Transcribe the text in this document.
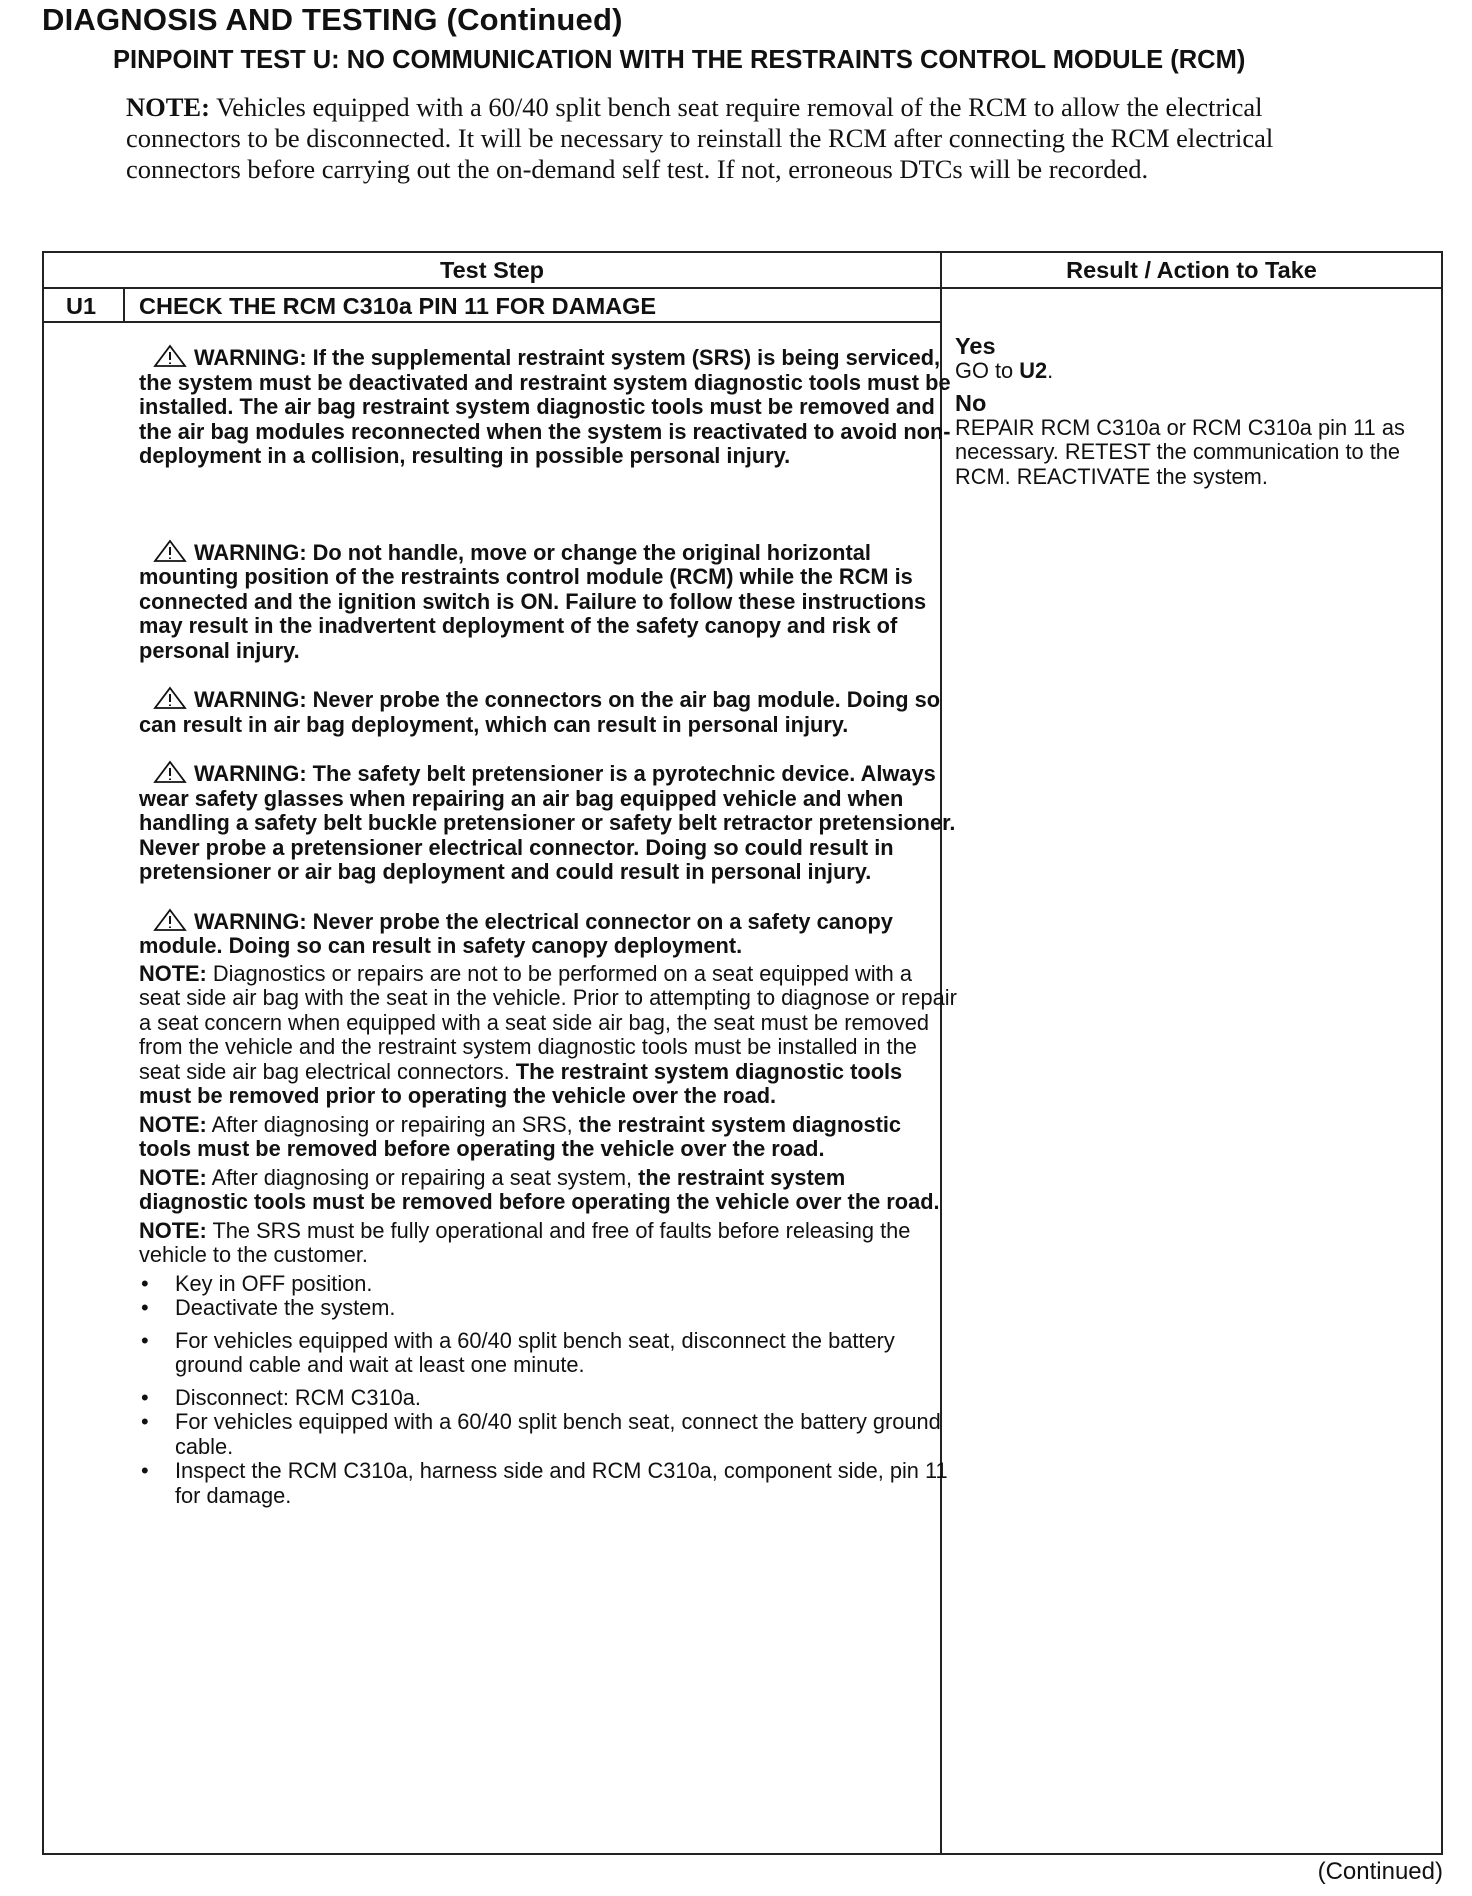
DIAGNOSIS AND TESTING (Continued)
PINPOINT TEST U: NO COMMUNICATION WITH THE RESTRAINTS CONTROL MODULE (RCM)
NOTE: Vehicles equipped with a 60/40 split bench seat require removal of the RCM to allow the electrical connectors to be disconnected. It will be necessary to reinstall the RCM after connecting the RCM electrical connectors before carrying out the on-demand self test. If not, erroneous DTCs will be recorded.
Test Step	Result / Action to Take
U1 CHECK THE RCM C310a PIN 11 FOR DAMAGE
WARNING: If the supplemental restraint system (SRS) is being serviced, the system must be deactivated and restraint system diagnostic tools must be installed. The air bag restraint system diagnostic tools must be removed and the air bag modules reconnected when the system is reactivated to avoid non-deployment in a collision, resulting in possible personal injury.
WARNING: Do not handle, move or change the original horizontal mounting position of the restraints control module (RCM) while the RCM is connected and the ignition switch is ON. Failure to follow these instructions may result in the inadvertent deployment of the safety canopy and risk of personal injury.
WARNING: Never probe the connectors on the air bag module. Doing so can result in air bag deployment, which can result in personal injury.
WARNING: The safety belt pretensioner is a pyrotechnic device. Always wear safety glasses when repairing an air bag equipped vehicle and when handling a safety belt buckle pretensioner or safety belt retractor pretensioner. Never probe a pretensioner electrical connector. Doing so could result in pretensioner or air bag deployment and could result in personal injury.
WARNING: Never probe the electrical connector on a safety canopy module. Doing so can result in safety canopy deployment.
NOTE: Diagnostics or repairs are not to be performed on a seat equipped with a seat side air bag with the seat in the vehicle. Prior to attempting to diagnose or repair a seat concern when equipped with a seat side air bag, the seat must be removed from the vehicle and the restraint system diagnostic tools must be installed in the seat side air bag electrical connectors. The restraint system diagnostic tools must be removed prior to operating the vehicle over the road.
NOTE: After diagnosing or repairing an SRS, the restraint system diagnostic tools must be removed before operating the vehicle over the road.
NOTE: After diagnosing or repairing a seat system, the restraint system diagnostic tools must be removed before operating the vehicle over the road.
NOTE: The SRS must be fully operational and free of faults before releasing the vehicle to the customer.
• Key in OFF position.
• Deactivate the system.
• For vehicles equipped with a 60/40 split bench seat, disconnect the battery ground cable and wait at least one minute.
• Disconnect: RCM C310a.
• For vehicles equipped with a 60/40 split bench seat, connect the battery ground cable.
• Inspect the RCM C310a, harness side and RCM C310a, component side, pin 11 for damage.
Yes
GO to U2.
No
REPAIR RCM C310a or RCM C310a pin 11 as necessary. RETEST the communication to the RCM. REACTIVATE the system.
(Continued)
